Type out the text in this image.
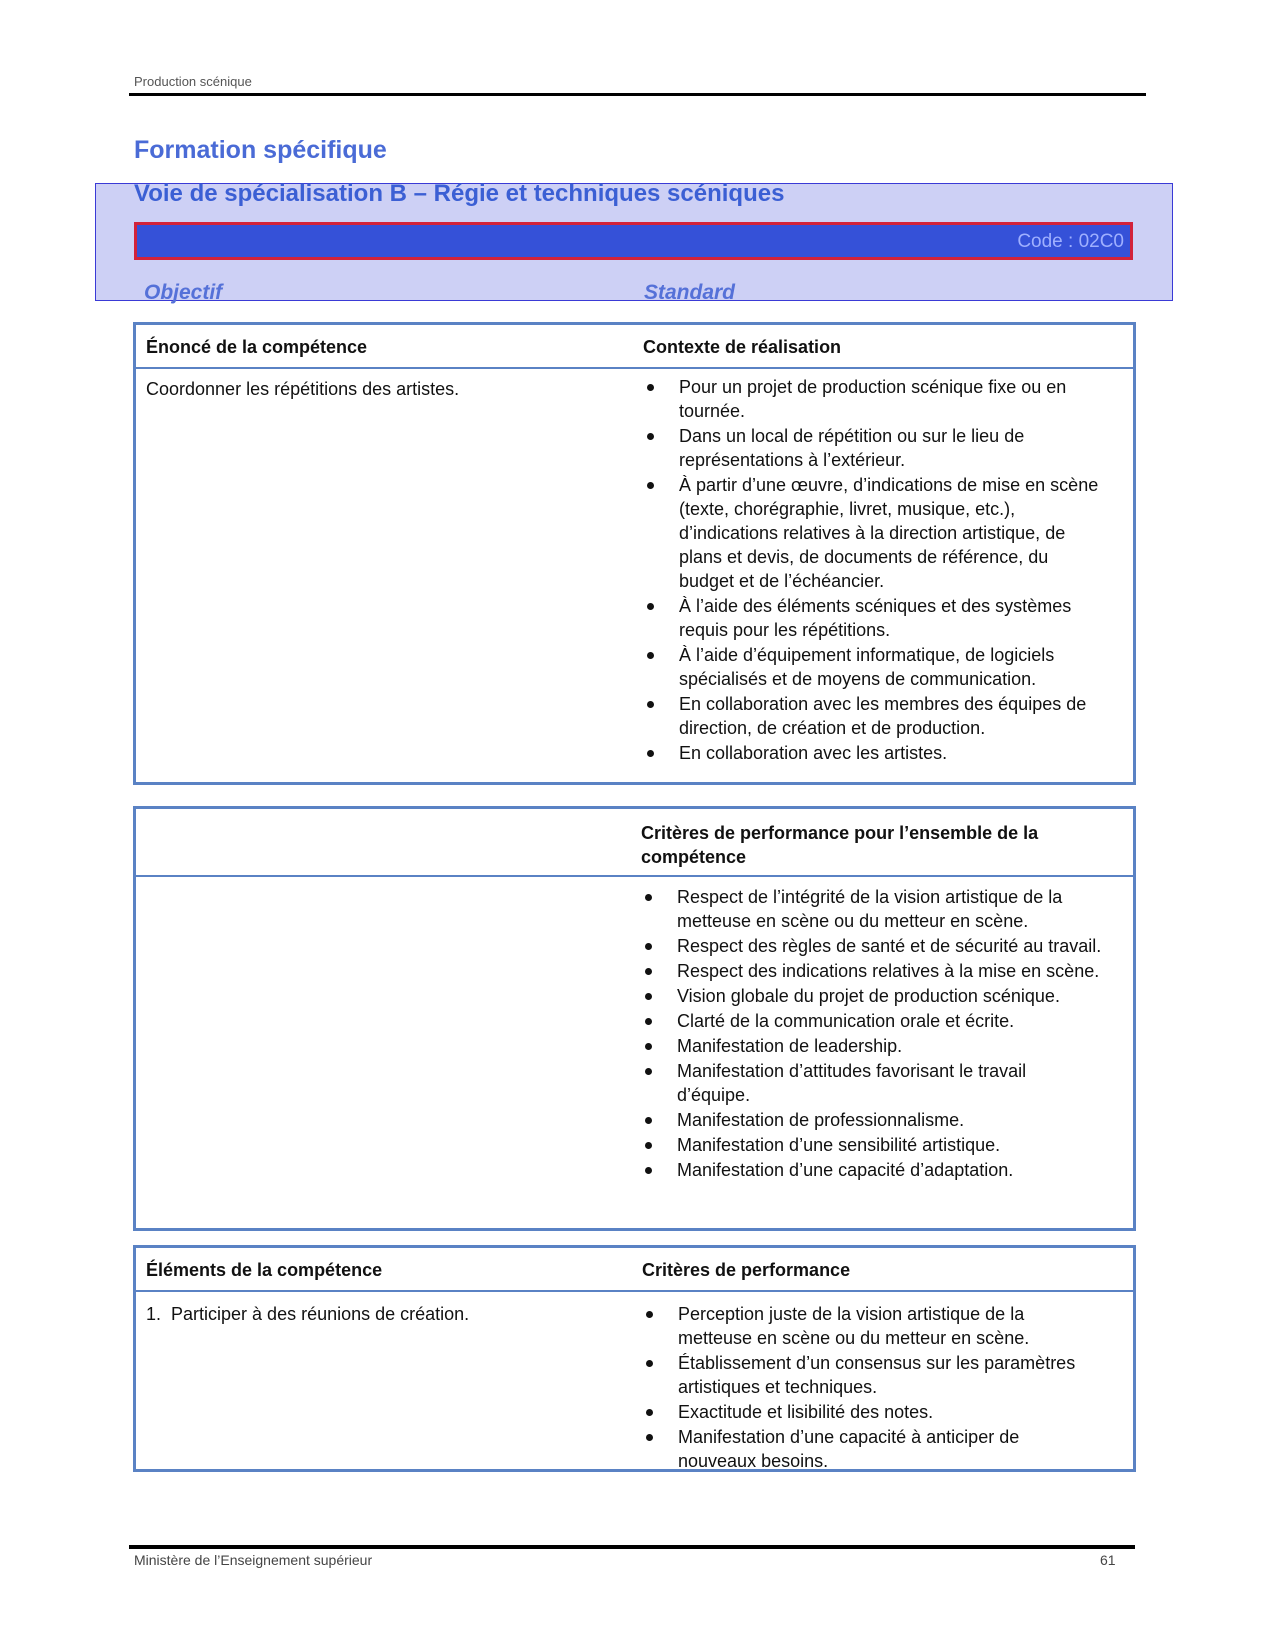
Production scénique
Formation spécifique
Voie de spécialisation B – Régie et techniques scéniques
Code : 02C0
Objectif	Standard
Énoncé de la compétence	Contexte de réalisation
Coordonner les répétitions des artistes.	Pour un projet de production scénique fixe ou en tournée.
Dans un local de répétition ou sur le lieu de représentations à l’extérieur.
À partir d’une œuvre, d’indications de mise en scène (texte, chorégraphie, livret, musique, etc.), d’indications relatives à la direction artistique, de plans et devis, de documents de référence, du budget et de l’échéancier.
À l’aide des éléments scéniques et des systèmes requis pour les répétitions.
À l’aide d’équipement informatique, de logiciels spécialisés et de moyens de communication.
En collaboration avec les membres des équipes de direction, de création et de production.
En collaboration avec les artistes.
Critères de performance pour l’ensemble de la compétence
Respect de l’intégrité de la vision artistique de la metteuse en scène ou du metteur en scène.
Respect des règles de santé et de sécurité au travail.
Respect des indications relatives à la mise en scène.
Vision globale du projet de production scénique.
Clarté de la communication orale et écrite.
Manifestation de leadership.
Manifestation d’attitudes favorisant le travail d’équipe.
Manifestation de professionnalisme.
Manifestation d’une sensibilité artistique.
Manifestation d’une capacité d’adaptation.
Éléments de la compétence	Critères de performance
1.  Participer à des réunions de création.	Perception juste de la vision artistique de la metteuse en scène ou du metteur en scène.
Établissement d’un consensus sur les paramètres artistiques et techniques.
Exactitude et lisibilité des notes.
Manifestation d’une capacité à anticiper de nouveaux besoins.
Ministère de l’Enseignement supérieur	61
